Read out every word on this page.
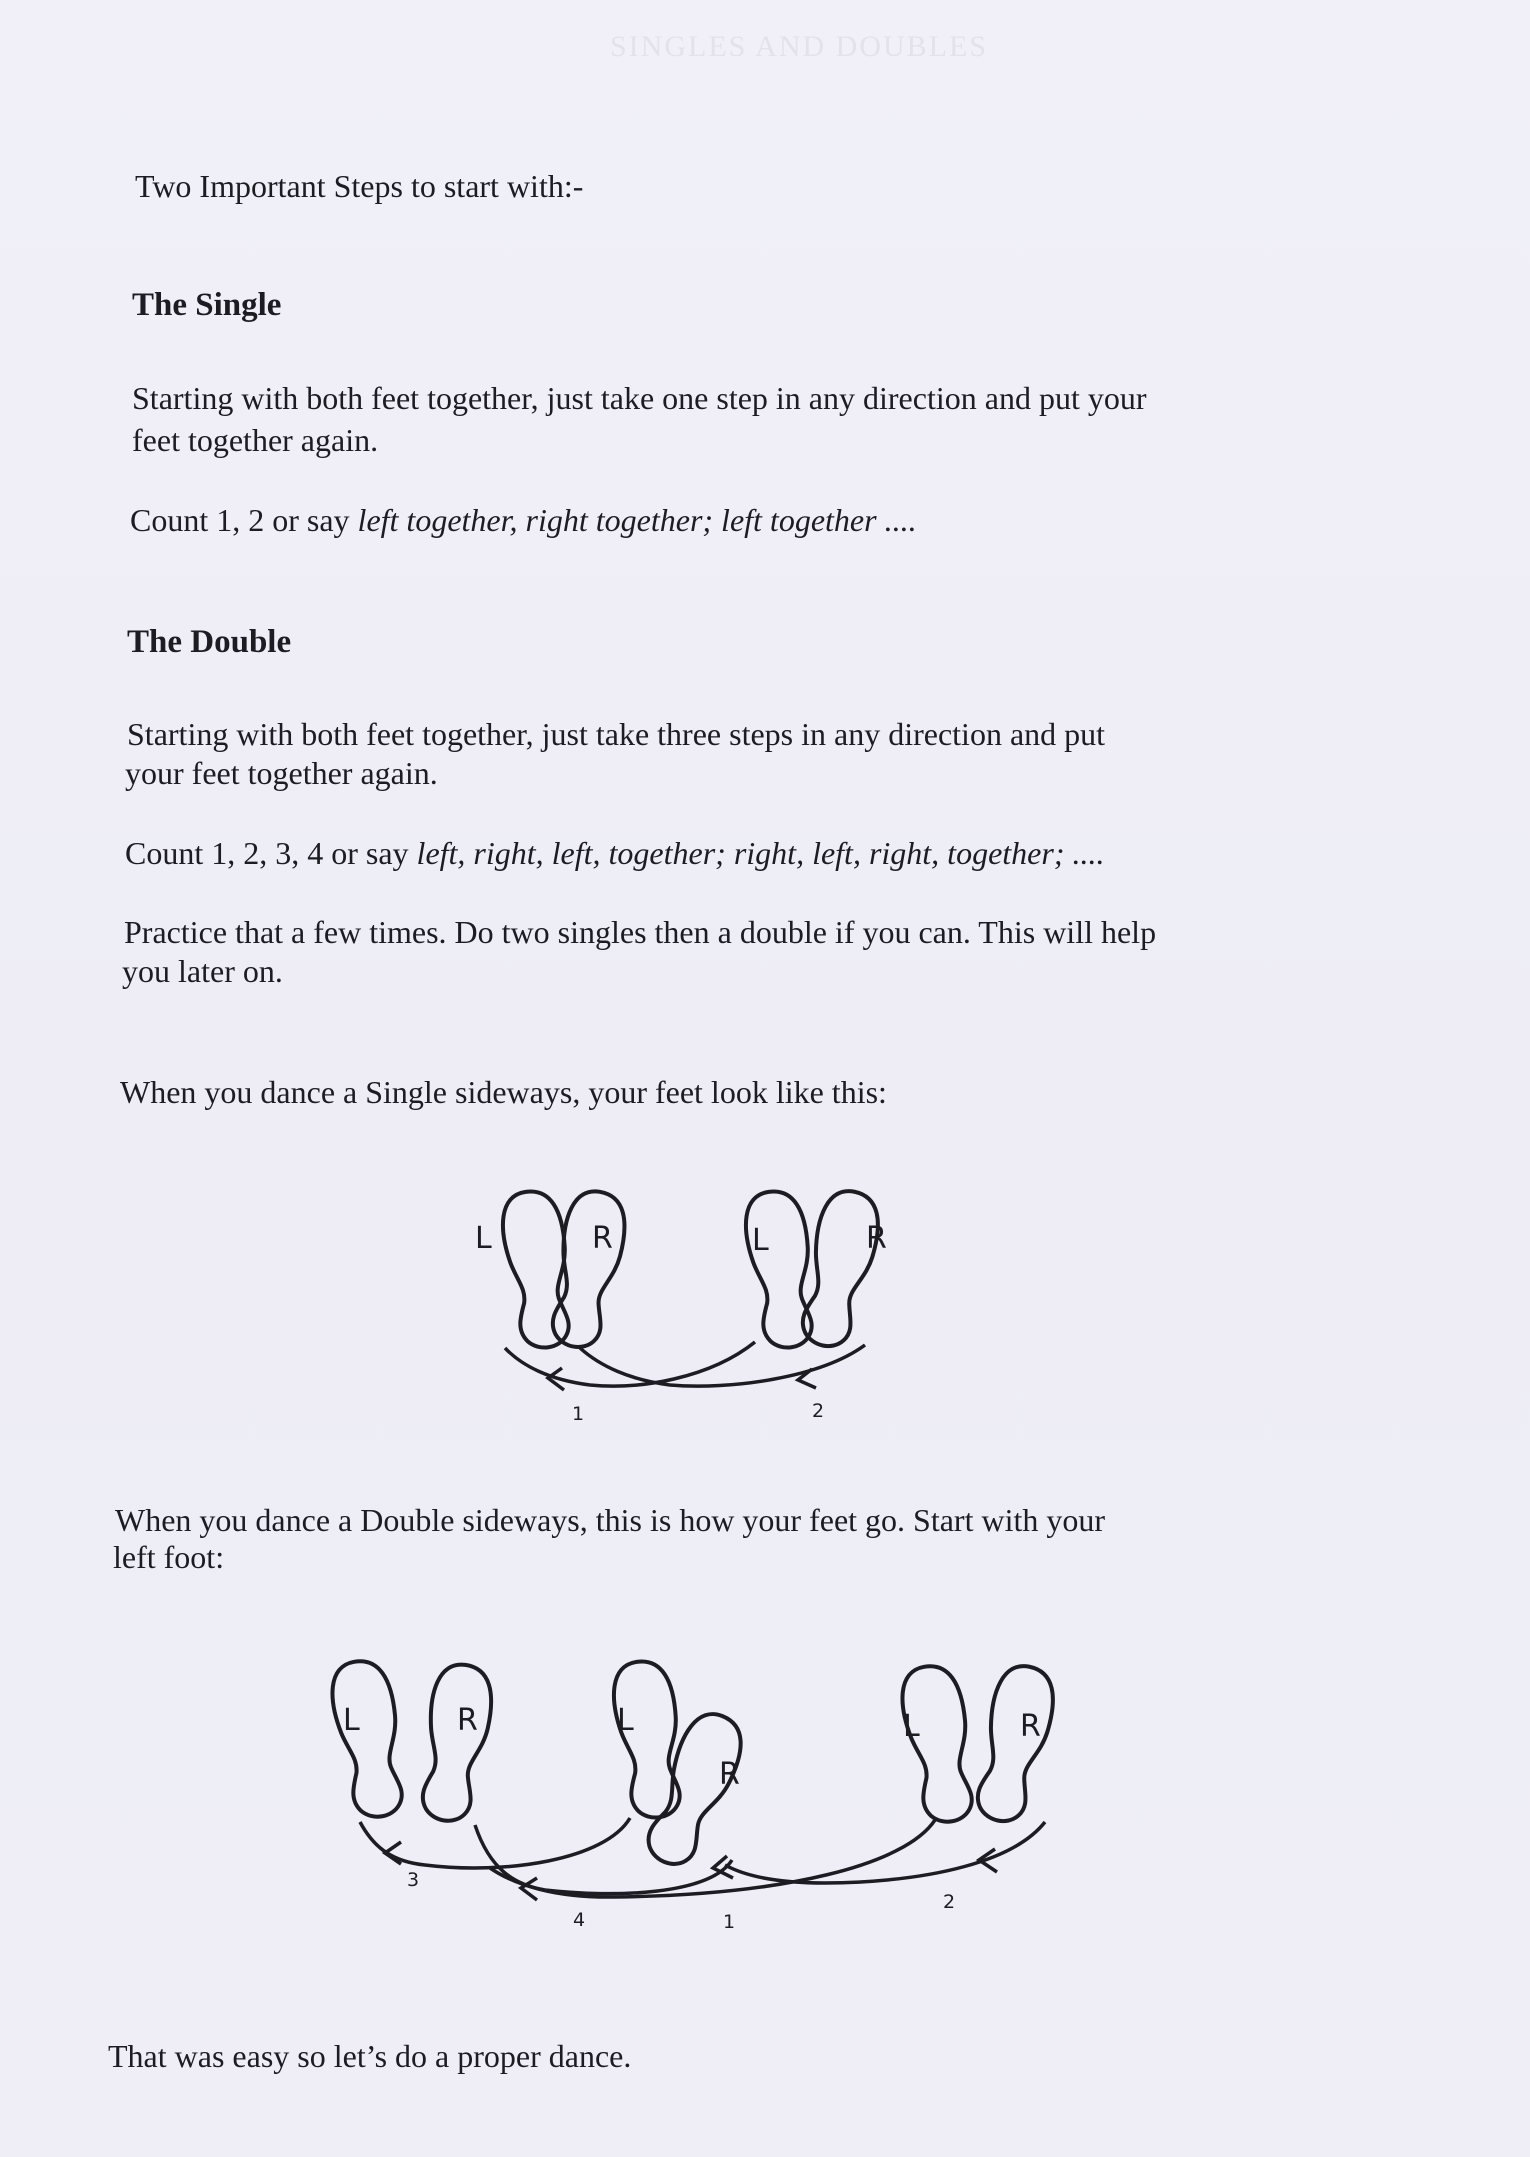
SINGLES AND DOUBLES
Two Important Steps to start with:-
The Single
Starting with both feet together, just take one step in any direction and put your
feet together again.
Count 1, 2 or say left together, right together; left together ....
The Double
Starting with both feet together, just take three steps in any direction and put
your feet together again.
Count 1, 2, 3, 4 or say left, right, left, together; right, left, right, together; ....
Practice that a few times. Do two singles then a double if you can. This will help
you later on.
When you dance a Single sideways, your feet look like this:
L	R	L	R
1	2
When you dance a Double sideways, this is how your feet go. Start with your
left foot:
L	R	L
R
L	R
3
4	1
2
That was easy so let’s do a proper dance.
